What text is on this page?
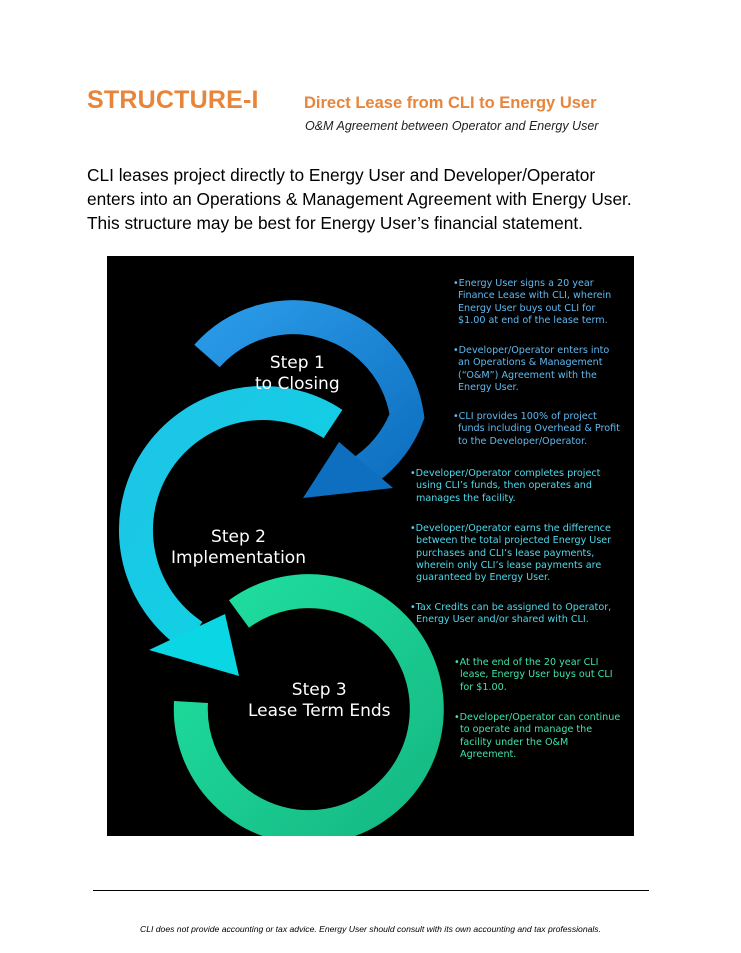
STRUCTURE-I	Direct Lease from CLI to Energy User
O&M Agreement between Operator and Energy User
CLI leases project directly to Energy User and Developer/Operator
enters into an Operations & Management Agreement with Energy User.
This structure may be best for Energy User’s financial statement.
Step 1
to Closing
Step 2
Implementation
Step 3
Lease Term Ends
•Energy User signs a 20 year
Finance Lease with CLI, wherein
Energy User buys out CLI for
$1.00 at end of the lease term.
•Developer/Operator enters into
an Operations & Management
(“O&M”) Agreement with the
Energy User.
•CLI provides 100% of project
funds including Overhead & Profit
to the Developer/Operator.
•Developer/Operator completes project
using CLI’s funds, then operates and
manages the facility.
•Developer/Operator earns the difference
between the total projected Energy User
purchases and CLI’s lease payments,
wherein only CLI’s lease payments are
guaranteed by Energy User.
•Tax Credits can be assigned to Operator,
Energy User and/or shared with CLI.
•At the end of the 20 year CLI
lease, Energy User buys out CLI
for $1.00.
•Developer/Operator can continue
to operate and manage the
facility under the O&M
Agreement.
CLI does not provide accounting or tax advice. Energy User should consult with its own accounting and tax professionals.
